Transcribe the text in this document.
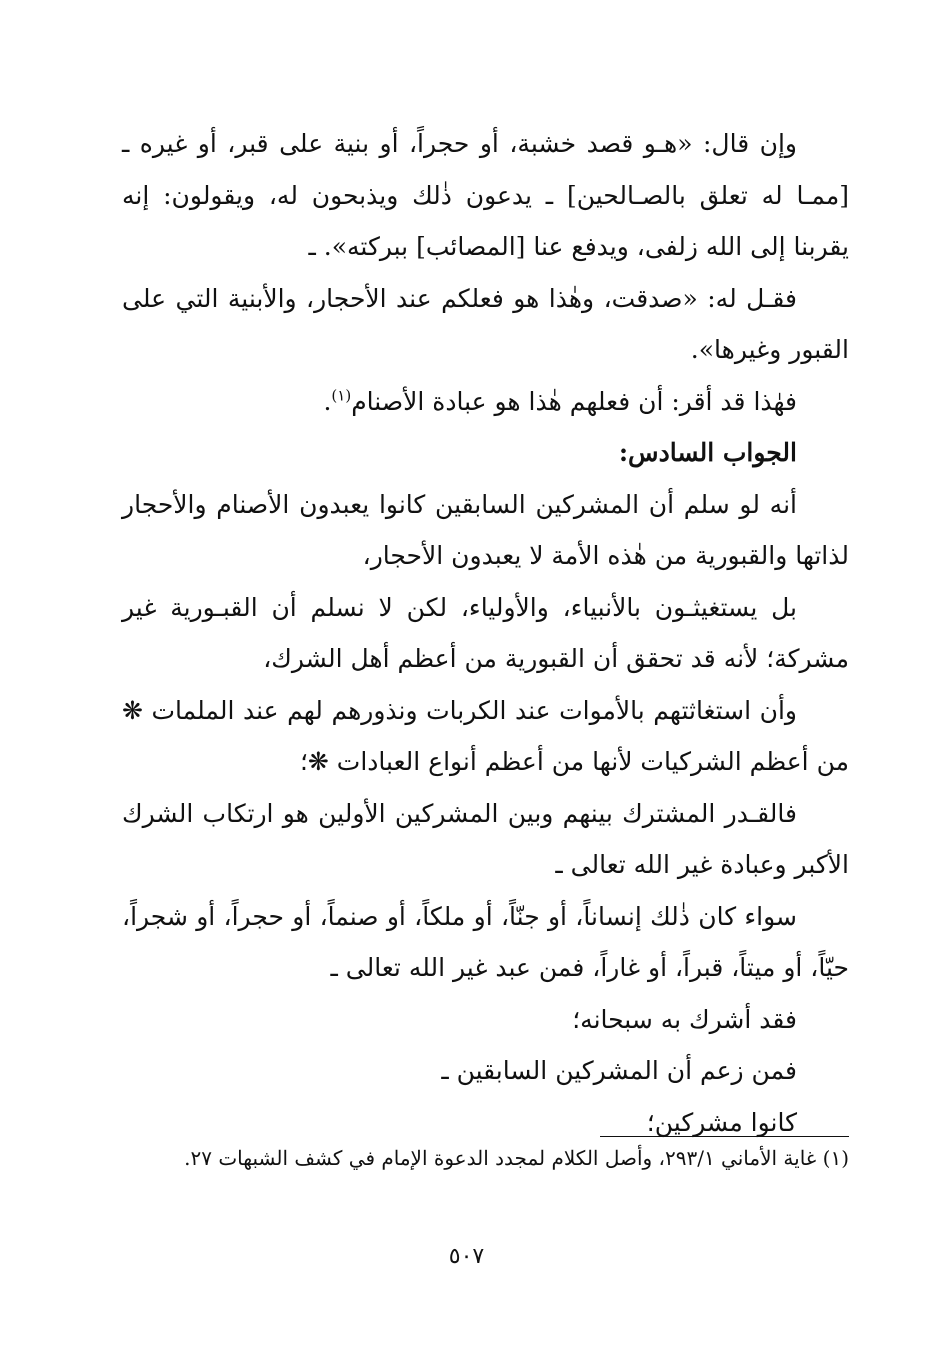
وإن قال: «هـو قصد خشبة، أو حجراً، أو بنية على قبر، أو غيره ـ [ممـا له تعلق بالصـالحين] ـ يدعون ذٰلك ويذبحون له، ويقولون: إنه يقربنا إلى الله زلفى، ويدفع عنا [المصائب] ببركته». ـ

فقـل له: «صدقت، وهٰذا هو فعلكم عند الأحجار، والأبنية التي على القبور وغيرها».

فهٰذا قد أقر: أن فعلهم هٰذا هو عبادة الأصنام$^{(١)}$.

الجواب السادس:

أنه لو سلم أن المشركين السابقين كانوا يعبدون الأصنام والأحجار لذاتها والقبورية من هٰذه الأمة لا يعبدون الأحجار،

بل يستغيثـون بالأنبياء، والأولياء، لكن لا نسلم أن القبـورية غير مشركة؛ لأنه قد تحقق أن القبورية من أعظم أهل الشرك،

وأن استغاثتهم بالأموات عند الكربات ونذورهم لهم عند الملمات ❋ من أعظم الشركيات لأنها من أعظم أنواع العبادات ❋؛

فالقـدر المشترك بينهم وبين المشركين الأولين هو ارتكاب الشرك الأكبر وعبادة غير الله تعالى ـ

سواء كان ذٰلك إنساناً، أو جنّاً، أو ملكاً، أو صنماً، أو حجراً، أو شجراً، حيّاً، أو ميتاً، قبراً، أو غاراً، فمن عبد غير الله تعالى ـ

فقد أشرك به سبحانه؛

فمن زعم أن المشركين السابقين ـ

كانوا مشركين؛

(١) غاية الأماني ٢٩٣/١، وأصل الكلام لمجدد الدعوة الإمام في كشف الشبهات ٢٧.

٥٠٧
